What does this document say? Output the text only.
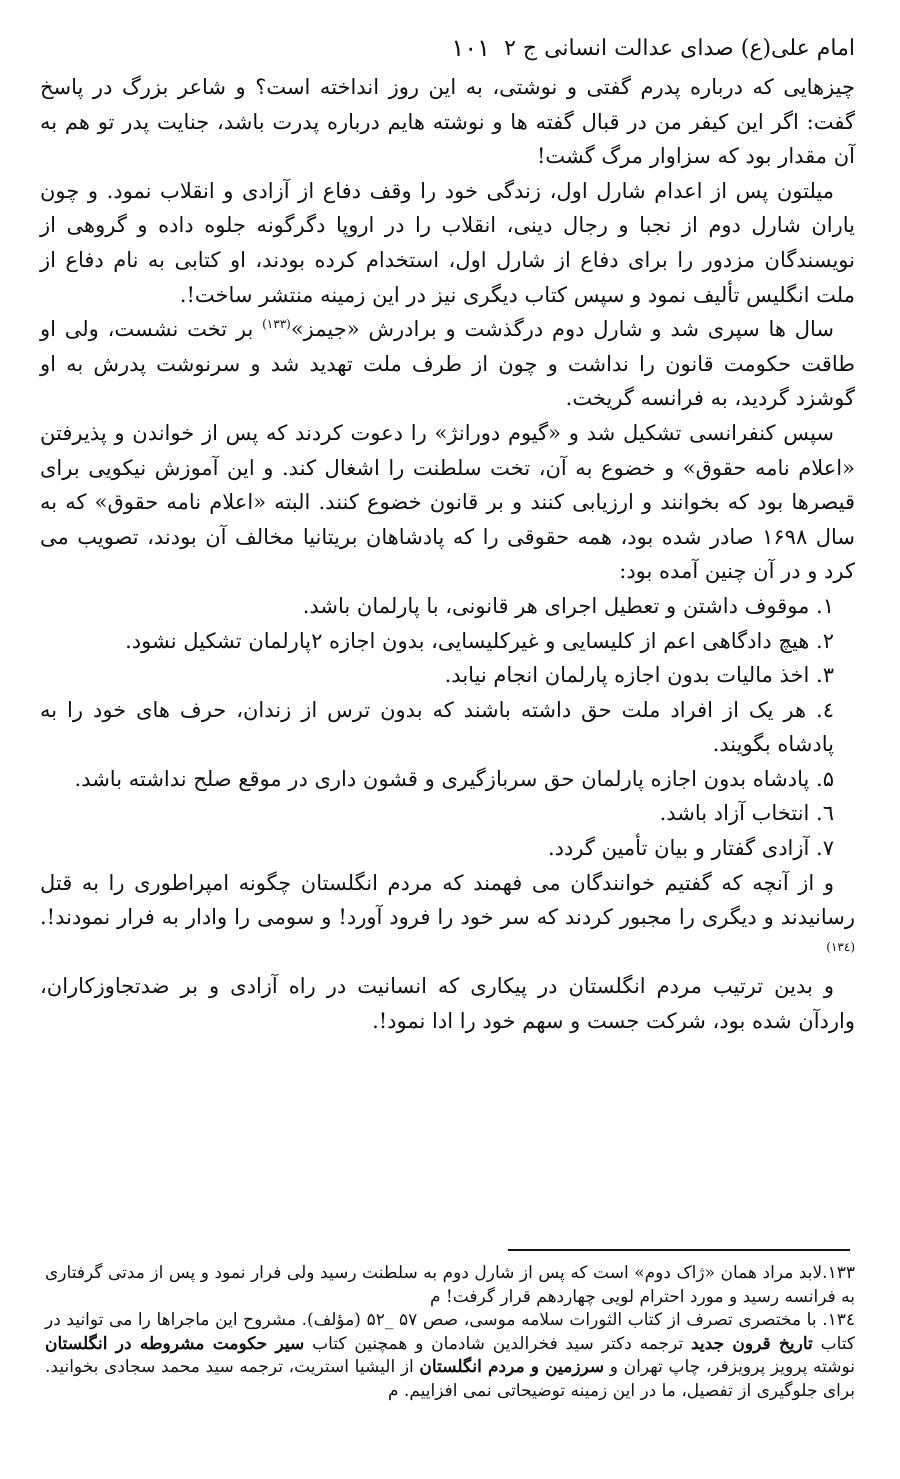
امام علی(ع) صدای عدالت انسانی ج ۲
۱۰۱

چیزهایی که درباره پدرم گفتی و نوشتی، به این روز انداخته است؟ و شاعر بزرگ در پاسخ گفت: اگر این کیفر من در قبال گفته ها و نوشته هایم درباره پدرت باشد، جنایت پدر تو هم به آن مقدار بود که سزاوار مرگ گشت!

میلتون پس از اعدام شارل اول، زندگی خود را وقف دفاع از آزادی و انقلاب نمود. و چون یاران شارل دوم از نجبا و رجال دینی، انقلاب را در اروپا دگرگونه جلوه داده و گروهی از نویسندگان مزدور را برای دفاع از شارل اول، استخدام کرده بودند، او کتابی به نام دفاع از ملت انگلیس تألیف نمود و سپس کتاب دیگری نیز در این زمینه منتشر ساخت!.

سال ها سپری شد و شارل دوم درگذشت و برادرش «جیمز»$^{(۱۳۳)}$ بر تخت نشست، ولی او طاقت حکومت قانون را نداشت و چون از طرف ملت تهدید شد و سرنوشت پدرش به او گوشزد گردید، به فرانسه گریخت.

سپس کنفرانسی تشکیل شد و «گیوم دورانژ» را دعوت کردند که پس از خواندن و پذیرفتن «اعلام نامه حقوق» و خضوع به آن، تخت سلطنت را اشغال کند. و این آموزش نیکویی برای قیصرها بود که بخوانند و ارزیابی کنند و بر قانون خضوع کنند. البته «اعلام نامه حقوق» که به سال ۱۶۹۸ صادر شده بود، همه حقوقی را که پادشاهان بریتانیا مخالف آن بودند، تصویب می کرد و در آن چنین آمده بود:

۱. موقوف داشتن و تعطیل اجرای هر قانونی، با پارلمان باشد.

۲. هیچ دادگاهی اعم از کلیسایی و غیرکلیسایی، بدون اجازه ۲پارلمان تشکیل نشود.

۳. اخذ مالیات بدون اجازه پارلمان انجام نیابد.

٤. هر یک از افراد ملت حق داشته باشند که بدون ترس از زندان، حرف های خود را به پادشاه بگویند.

۵. پادشاه بدون اجازه پارلمان حق سربازگیری و قشون داری در موقع صلح نداشته باشد.

٦. انتخاب آزاد باشد.

۷. آزادی گفتار و بیان تأمین گردد.

و از آنچه که گفتیم خوانندگان می فهمند که مردم انگلستان چگونه امپراطوری را به قتل رسانیدند و دیگری را مجبور کردند که سر خود را فرود آورد! و سومی را وادار به فرار نمودند!.$^{(۱۳٤)}$

و بدین ترتیب مردم انگلستان در پیکاری که انسانیت در راه آزادی و بر ضدتجاوزکاران، واردآن شده بود، شرکت جست و سهم خود را ادا نمود!.

۱۳۳.لابد مراد همان «ژاک دوم» است که پس از شارل دوم به سلطنت رسید ولی فرار نمود و پس از مدتی گرفتاری به فرانسه رسید و مورد احترام لویی چهاردهم قرار گرفت! م

۱۳٤. با مختصری تصرف از کتاب الثورات سلامه موسی، صص ۵۷ _۵۲ (مؤلف). مشروح این ماجراها را می توانید در کتاب تاریخ قرون جدید ترجمه دکتر سید فخرالدین شادمان و همچنین کتاب سیر حکومت مشروطه در انگلستان نوشته پرویز پرویزفر، چاپ تهران و سرزمین و مردم انگلستان از الیشیا استریت، ترجمه سید محمد سجادی بخوانید. برای جلوگیری از تفصیل، ما در این زمینه توضیحاتی نمی افزاییم. م
